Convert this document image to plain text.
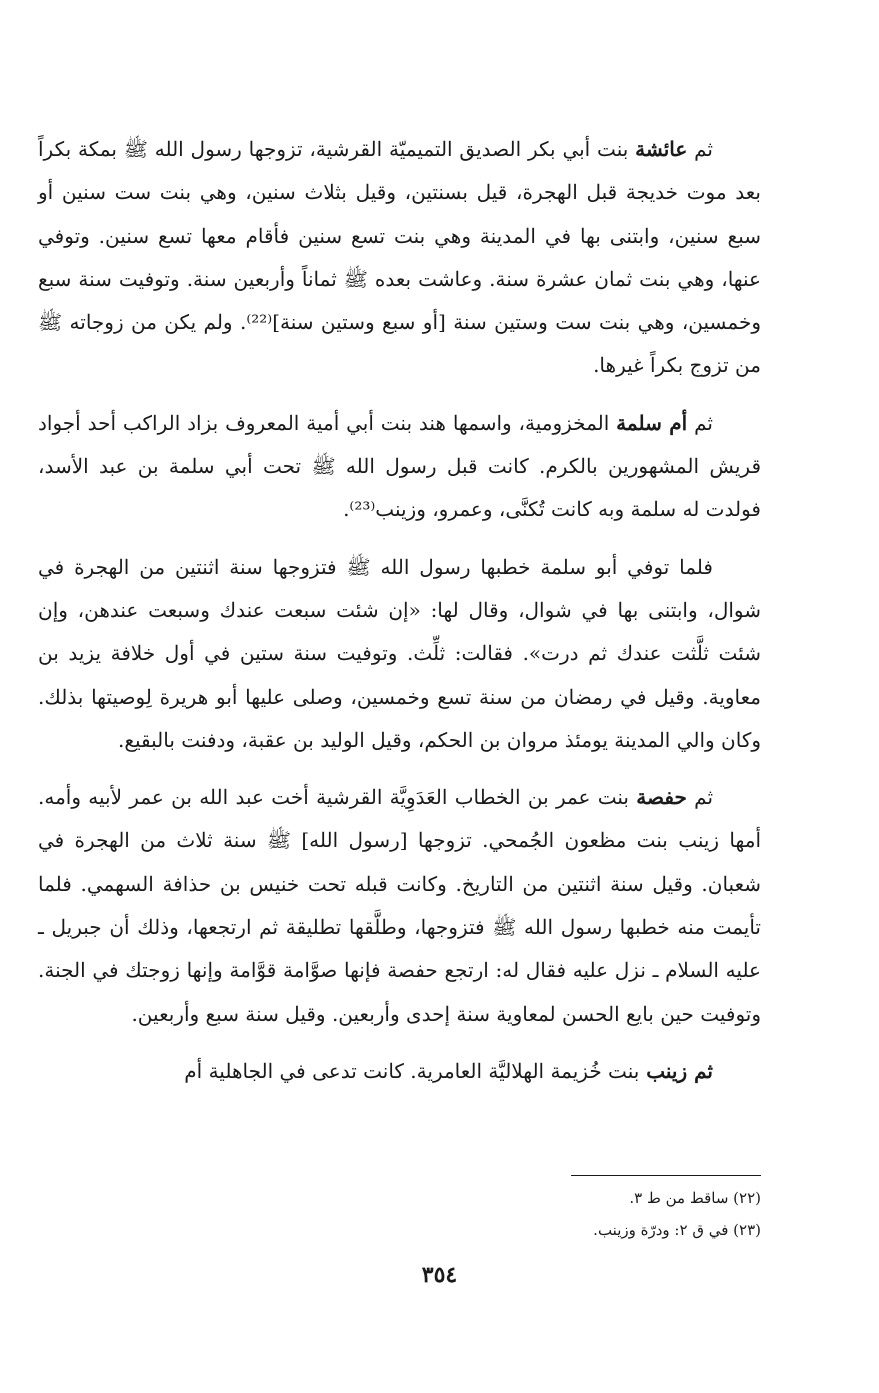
ثم عائشة بنت أبي بكر الصديق التميميّة القرشية، تزوجها رسول الله ﷺ بمكة بكراً بعد موت خديجة قبل الهجرة، قيل بسنتين، وقيل بثلاث سنين، وهي بنت ست سنين أو سبع سنين، وابتنى بها في المدينة وهي بنت تسع سنين فأقام معها تسع سنين. وتوفي عنها، وهي بنت ثمان عشرة سنة. وعاشت بعده ﷺ ثماناً وأربعين سنة. وتوفيت سنة سبع وخمسين، وهي بنت ست وستين سنة [أو سبع وستين سنة]⁽²²⁾. ولم يكن من زوجاته ﷺ من تزوج بكراً غيرها.

ثم أم سلمة المخزومية، واسمها هند بنت أبي أمية المعروف بزاد الراكب أحد أجواد قريش المشهورين بالكرم. كانت قبل رسول الله ﷺ تحت أبي سلمة بن عبد الأسد، فولدت له سلمة وبه كانت تُكنَّى، وعمرو، وزينب⁽²³⁾.

فلما توفي أبو سلمة خطبها رسول الله ﷺ فتزوجها سنة اثنتين من الهجرة في شوال، وابتنى بها في شوال، وقال لها: «إن شئت سبعت عندك وسبعت عندهن، وإن شئت ثلَّثت عندك ثم درت». فقالت: ثلِّث. وتوفيت سنة ستين في أول خلافة يزيد بن معاوية. وقيل في رمضان من سنة تسع وخمسين، وصلى عليها أبو هريرة لِوصيتها بذلك. وكان والي المدينة يومئذ مروان بن الحكم، وقيل الوليد بن عقبة، ودفنت بالبقيع.

ثم حفصة بنت عمر بن الخطاب العَدَوِيَّة القرشية أخت عبد الله بن عمر لأبيه وأمه. أمها زينب بنت مظعون الجُمحي. تزوجها [رسول الله] ﷺ سنة ثلاث من الهجرة في شعبان. وقيل سنة اثنتين من التاريخ. وكانت قبله تحت خنيس بن حذافة السهمي. فلما تأيمت منه خطبها رسول الله ﷺ فتزوجها، وطلَّقها تطليقة ثم ارتجعها، وذلك أن جبريل ـ عليه السلام ـ نزل عليه فقال له: ارتجع حفصة فإنها صوَّامة قوَّامة وإنها زوجتك في الجنة. وتوفيت حين بايع الحسن لمعاوية سنة إحدى وأربعين. وقيل سنة سبع وأربعين.

ثم زينب بنت خُزيمة الهلاليَّة العامرية. كانت تدعى في الجاهلية أم

(٢٢) ساقط من ط ٣.

(٢٣) في ق ٢: ودرّة وزينب.

٣٥٤
